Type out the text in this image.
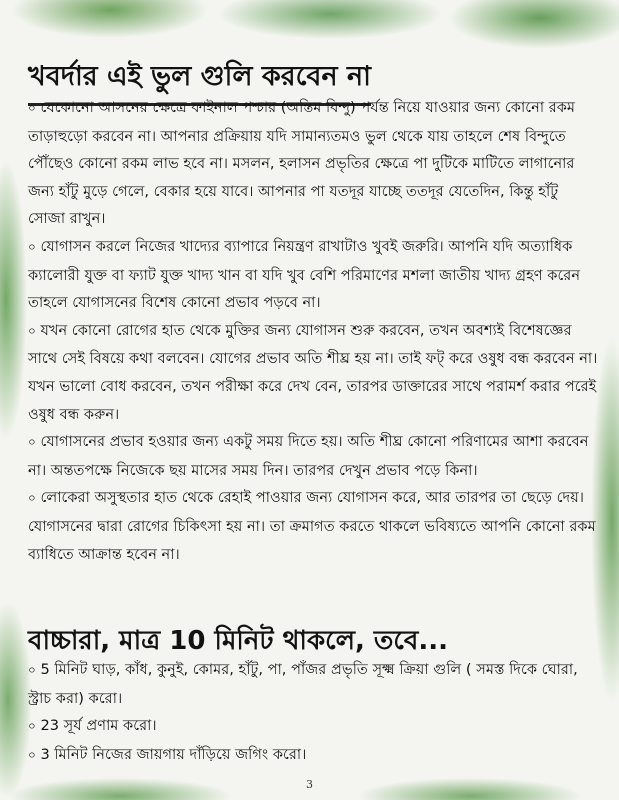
খবর্দার এই ভুল গুলি করবেন না

০ যেকোনো আসনের ক্ষেত্রে ফাইনাল পশ্চার (অন্তিম বিন্দু) পর্যন্ত নিয়ে যাওয়ার জন্য কোনো রকম তাড়াহুড়ো করবেন না। আপনার প্রক্রিয়ায় যদি সামান্যতমও ভুল থেকে যায় তাহলে শেষ বিন্দুতে পৌঁছেও কোনো রকম লাভ হবে না। মসলন, হলাসন প্রভৃতির ক্ষেত্রে পা দুটিকে মাটিতে লাগানোর জন্য হাঁটু মুড়ে গেলে, বেকার হয়ে যাবে। আপনার পা যতদূর যাচ্ছে ততদূর যেতেদিন, কিন্তু হাঁটু সোজা রাখুন।

০ যোগাসন করলে নিজের খাদ্যের ব্যাপারে নিয়ন্ত্রণ রাখাটাও খুবই জরুরি। আপনি যদি অত্যাধিক ক্যালোরী যুক্ত বা ফ্যাট যুক্ত খাদ্য খান বা যদি খুব বেশি পরিমাণের মশলা জাতীয় খাদ্য গ্রহণ করেন তাহলে যোগাসনের বিশেষ কোনো প্রভাব পড়বে না।

০ যখন কোনো রোগের হাত থেকে মুক্তির জন্য যোগাসন শুরু করবেন, তখন অবশ্যই বিশেষজ্ঞের সাথে সেই বিষয়ে কথা বলবেন। যোগের প্রভাব অতি শীঘ্র হয় না। তাই ফট্ করে ওষুধ বন্ধ করবেন না। যখন ভালো বোধ করবেন, তখন পরীক্ষা করে দেখ বেন, তারপর ডাক্তারের সাথে পরামর্শ করার পরেই ওষুধ বন্ধ করুন।

০ যোগাসনের প্রভাব হওয়ার জন্য একটু সময় দিতে হয়। অতি শীঘ্র কোনো পরিণামের আশা করবেন না। অন্ততপক্ষে নিজেকে ছয় মাসের সময় দিন। তারপর দেখুন প্রভাব পড়ে কিনা।

০ লোকেরা অসুস্থতার হাত থেকে রেহাই পাওয়ার জন্য যোগাসন করে, আর তারপর তা ছেড়ে দেয়। যোগাসনের দ্বারা রোগের চিকিৎসা হয় না। তা ক্রমাগত করতে থাকলে ভবিষ্যতে আপনি কোনো রকম ব্যাধিতে আক্রান্ত হবেন না।

বাচ্চারা, মাত্র 10 মিনিট থাকলে, তবে...

০ 5 মিনিট ঘাড়, কাঁধ, কুনুই, কোমর, হাঁটু, পা, পাঁজর প্রভৃতি সূক্ষ্ম ক্রিয়া গুলি ( সমস্ত দিকে ঘোরা, স্ট্রাচ করা) করো।

০ 23 সূর্য প্রণাম করো।

০ 3 মিনিট নিজের জায়গায় দাঁড়িয়ে জগিং করো।

3
